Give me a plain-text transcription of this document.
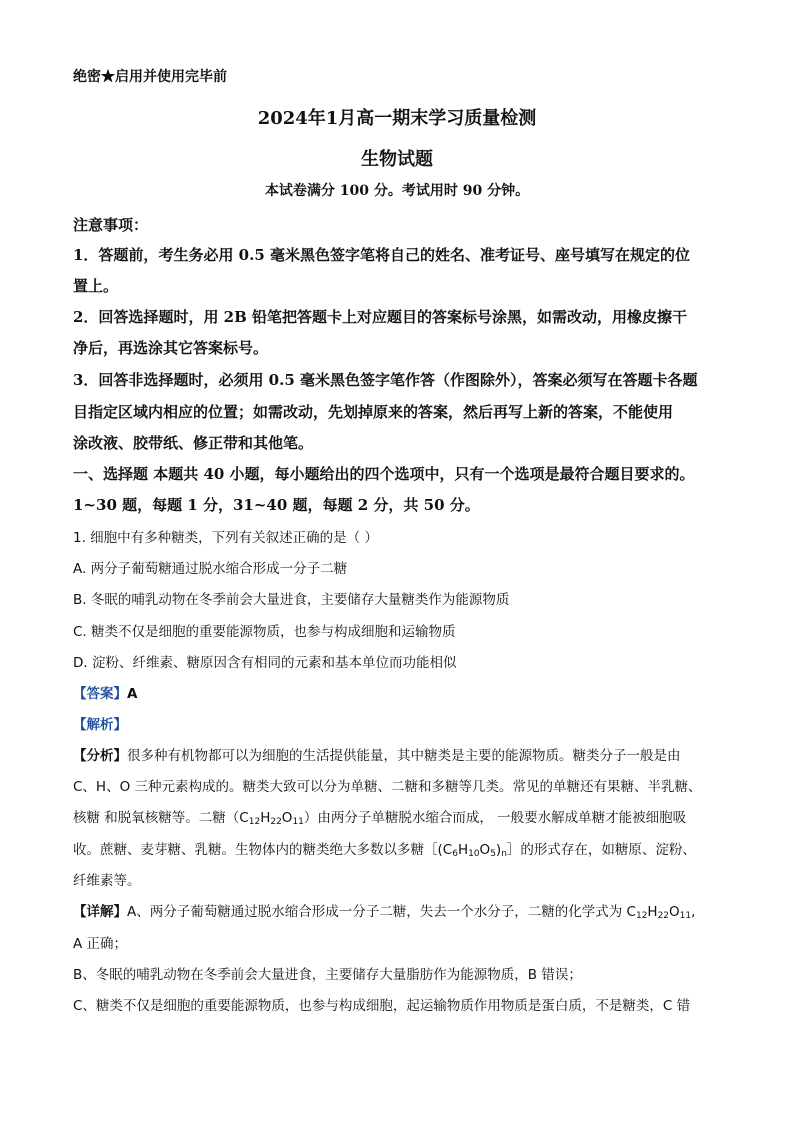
绝密★启用并使用完毕前
2024年1月高一期末学习质量检测
生物试题
本试卷满分 100 分。考试用时 90 分钟。
注意事项：
1．答题前，考生务必用 0.5 毫米黑色签字笔将自己的姓名、准考证号、座号填写在规定的位
置上。
2．回答选择题时，用 2B 铅笔把答题卡上对应题目的答案标号涂黑，如需改动，用橡皮擦干
净后，再选涂其它答案标号。
3．回答非选择题时，必须用 0.5 毫米黑色签字笔作答（作图除外），答案必须写在答题卡各题
目指定区域内相应的位置；如需改动，先划掉原来的答案，然后再写上新的答案，不能使用
涂改液、胶带纸、修正带和其他笔。
一、选择题 本题共 40 小题，每小题给出的四个选项中，只有一个选项是最符合题目要求的。
1~30 题，每题 1 分，31~40 题，每题 2 分，共 50 分。
1. 细胞中有多种糖类，下列有关叙述正确的是（ ）
A. 两分子葡萄糖通过脱水缩合形成一分子二糖
B. 冬眠的哺乳动物在冬季前会大量进食，主要储存大量糖类作为能源物质
C. 糖类不仅是细胞的重要能源物质，也参与构成细胞和运输物质
D. 淀粉、纤维素、糖原因含有相同的元素和基本单位而功能相似
【答案】A
【解析】
【分析】很多种有机物都可以为细胞的生活提供能量，其中糖类是主要的能源物质。糖类分子一般是由
C、H、O 三种元素构成的。糖类大致可以分为单糖、二糖和多糖等几类。常见的单糖还有果糖、半乳糖、
核糖 和脱氧核糖等。二糖$(C_{12}H_{22}O_{11})$由两分子单糖脱水缩合而成， 一般要水解成单糖才能被细胞吸
收。蔗糖、麦芽糖、乳糖。生物体内的糖类绝大多数以多糖$[(C_6H_{10}O_5)_n]$的形式存在，如糖原、淀粉、
纤维素等。
【详解】A、两分子葡萄糖通过脱水缩合形成一分子二糖，失去一个水分子，二糖的化学式为 $C_{12}H_{22}O_{11}$,
A 正确；
B、冬眠的哺乳动物在冬季前会大量进食，主要储存大量脂肪作为能源物质，B 错误；
C、糖类不仅是细胞的重要能源物质，也参与构成细胞，起运输物质作用物质是蛋白质，不是糖类，C 错
